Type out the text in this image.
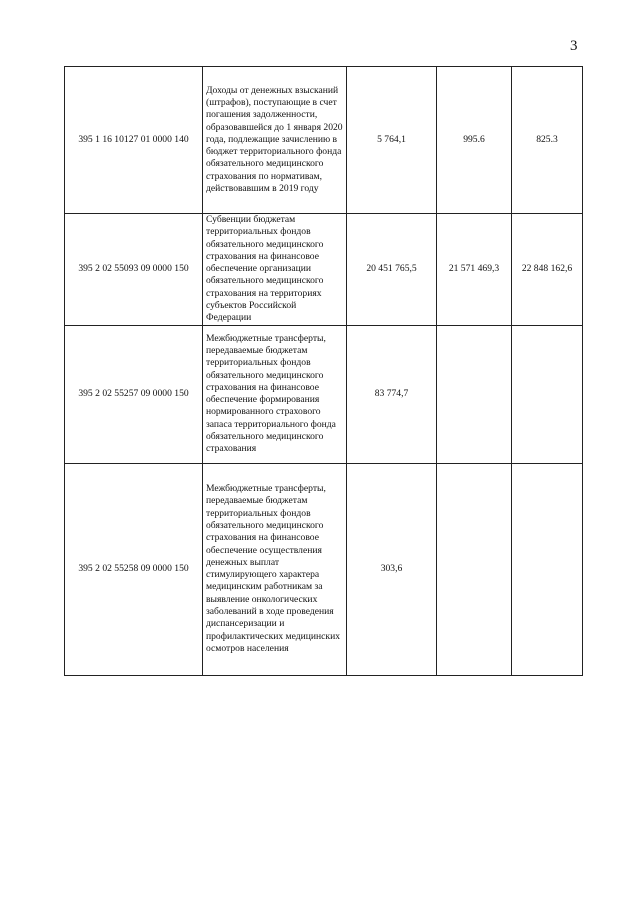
3
395 1 16 10127 01 0000 140	Доходы от денежных взысканий (штрафов), поступающие в счет погашения задолженности, образовавшейся до 1 января 2020 года, подлежащие зачислению в бюджет территориального фонда обязательного медицинского страхования по нормативам, действовавшим в 2019 году	5 764,1	995.6	825.3
395 2 02 55093 09 0000 150	Субвенции бюджетам территориальных фондов обязательного медицинского страхования на финансовое обеспечение организации обязательного медицинского страхования на территориях субъектов Российской Федерации	20 451 765,5	21 571 469,3	22 848 162,6
395 2 02 55257 09 0000 150	Межбюджетные трансферты, передаваемые бюджетам территориальных фондов обязательного медицинского страхования на финансовое обеспечение формирования нормированного страхового запаса территориального фонда обязательного медицинского страхования	83 774,7		
395 2 02 55258 09 0000 150	Межбюджетные трансферты, передаваемые бюджетам территориальных фондов обязательного медицинского страхования на финансовое обеспечение осуществления денежных выплат стимулирующего характера медицинским работникам за выявление онкологических заболеваний в ходе проведения диспансеризации и профилактических медицинских осмотров населения	303,6		
